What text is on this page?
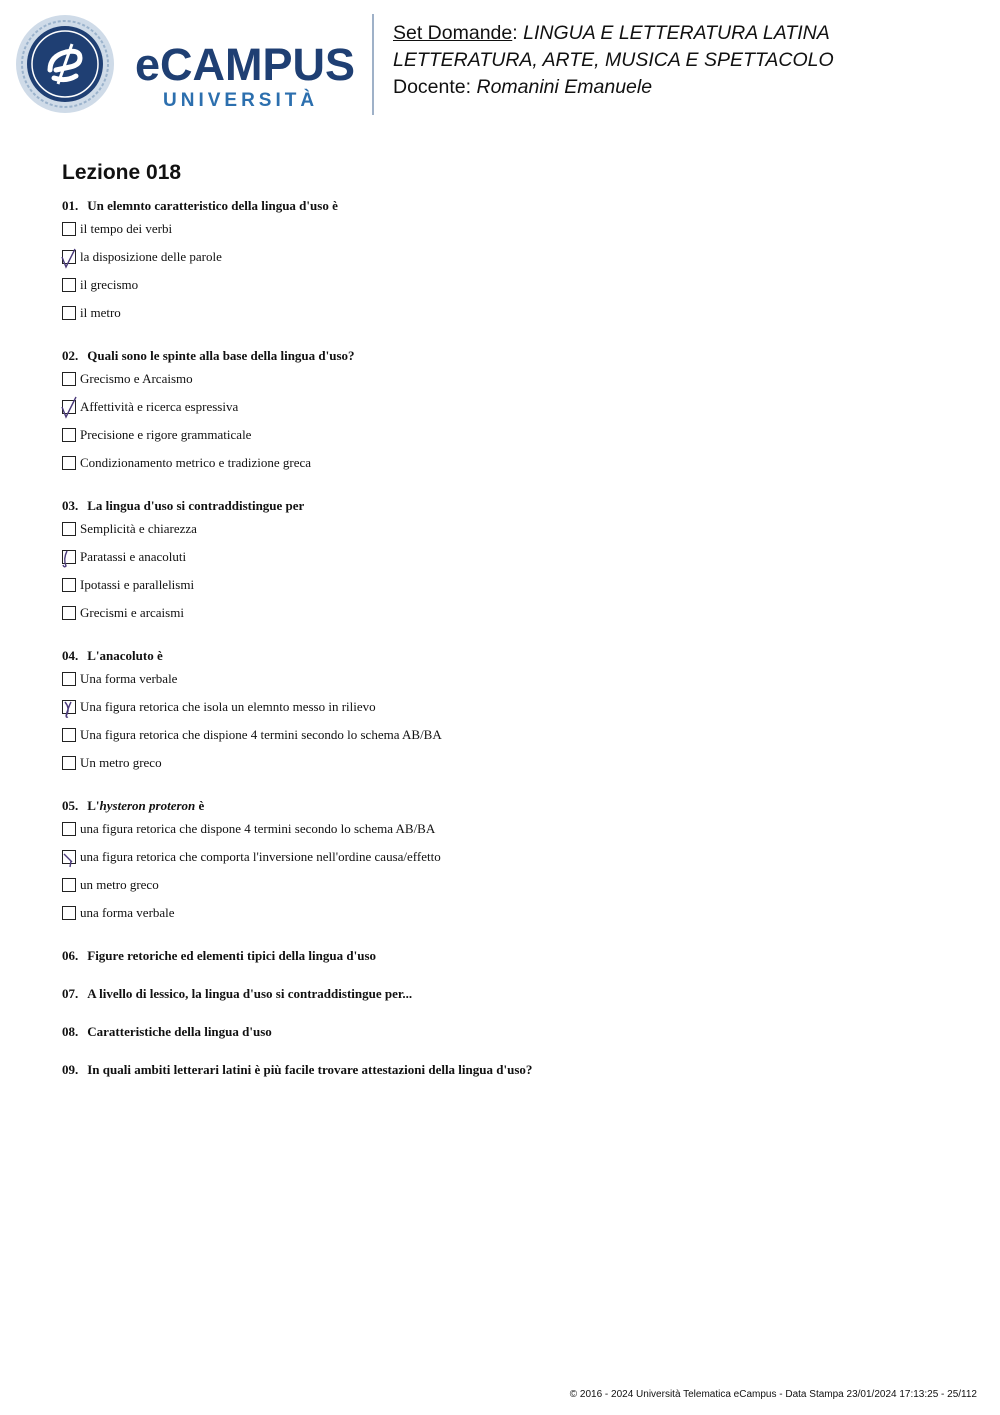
eCAMPUS
UNIVERSITÀ
Set Domande: LINGUA E LETTERATURA LATINA
LETTERATURA, ARTE, MUSICA E SPETTACOLO
Docente: Romanini Emanuele
Lezione 018
01. Un elemnto caratteristico della lingua d'uso è
il tempo dei verbi
la disposizione delle parole
il grecismo
il metro
02. Quali sono le spinte alla base della lingua d'uso?
Grecismo e Arcaismo
Affettività e ricerca espressiva
Precisione e rigore grammaticale
Condizionamento metrico e tradizione greca
03. La lingua d'uso si contraddistingue per
Semplicità e chiarezza
Paratassi e anacoluti
Ipotassi e parallelismi
Grecismi e arcaismi
04. L'anacoluto è
Una forma verbale
Una figura retorica che isola un elemnto messo in rilievo
Una figura retorica che dispione 4 termini secondo lo schema AB/BA
Un metro greco
05. L'hysteron proteron è
una figura retorica che dispone 4 termini secondo lo schema AB/BA
una figura retorica che comporta l'inversione nell'ordine causa/effetto
un metro greco
una forma verbale
06. Figure retoriche ed elementi tipici della lingua d'uso
07. A livello di lessico, la lingua d'uso si contraddistingue per...
08. Caratteristiche della lingua d'uso
09. In quali ambiti letterari latini è più facile trovare attestazioni della lingua d'uso?
© 2016 - 2024 Università Telematica eCampus - Data Stampa 23/01/2024 17:13:25 - 25/112
